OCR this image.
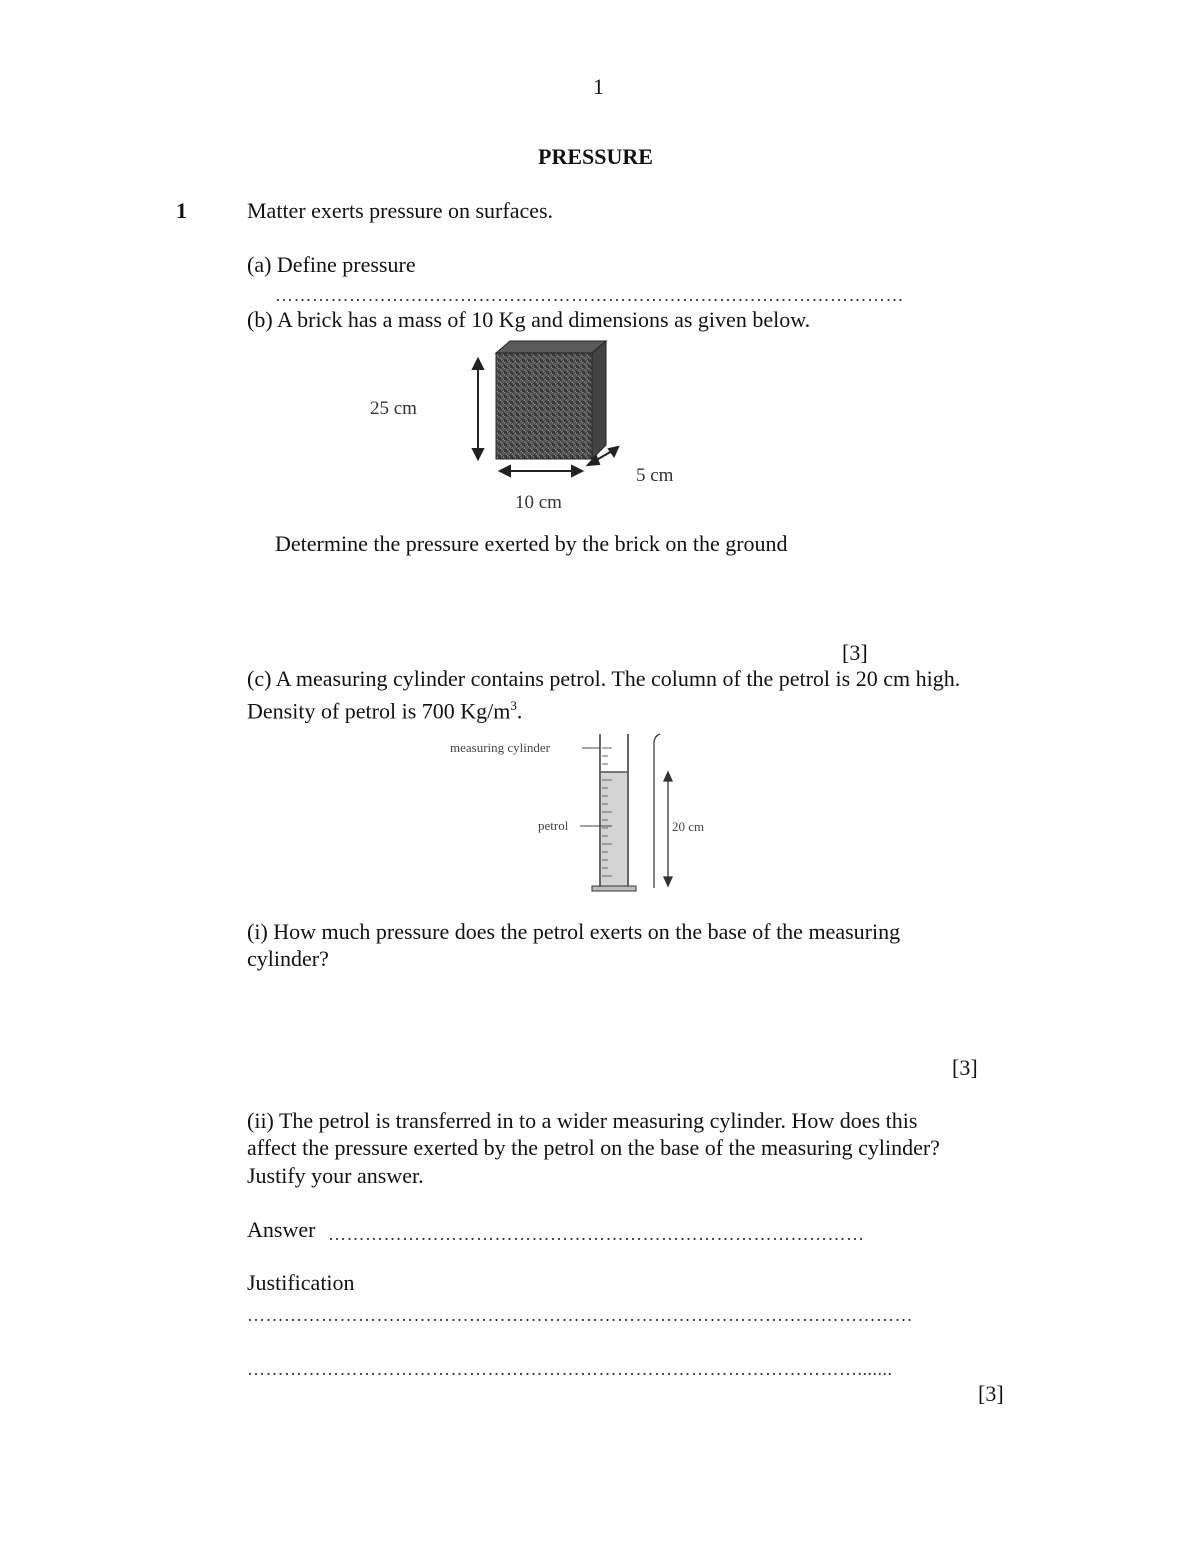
1
PRESSURE
1	Matter exerts pressure on surfaces.
(a) Define pressure
…………………………………………………………………………………………
(b) A brick has a mass of 10 Kg and dimensions as given below.
25 cm
10 cm
5 cm
Determine the pressure exerted by the brick on the ground
[3]
(c) A measuring cylinder contains petrol. The column of the petrol is 20 cm high.
Density of petrol is 700 $Kg/m^3$.
measuring cylinder
petrol	20 cm
(i) How much pressure does the petrol exerts on the base of the measuring
cylinder?
[3]
(ii) The petrol is transferred in to a wider measuring cylinder. How does this
affect the pressure exerted by the petrol on the base of the measuring cylinder?
Justify your answer.
Answer ……………………………………………………………………………
Justification
………………………………………………………………………………………………
……………………………………………………………………………………….......
[3]
